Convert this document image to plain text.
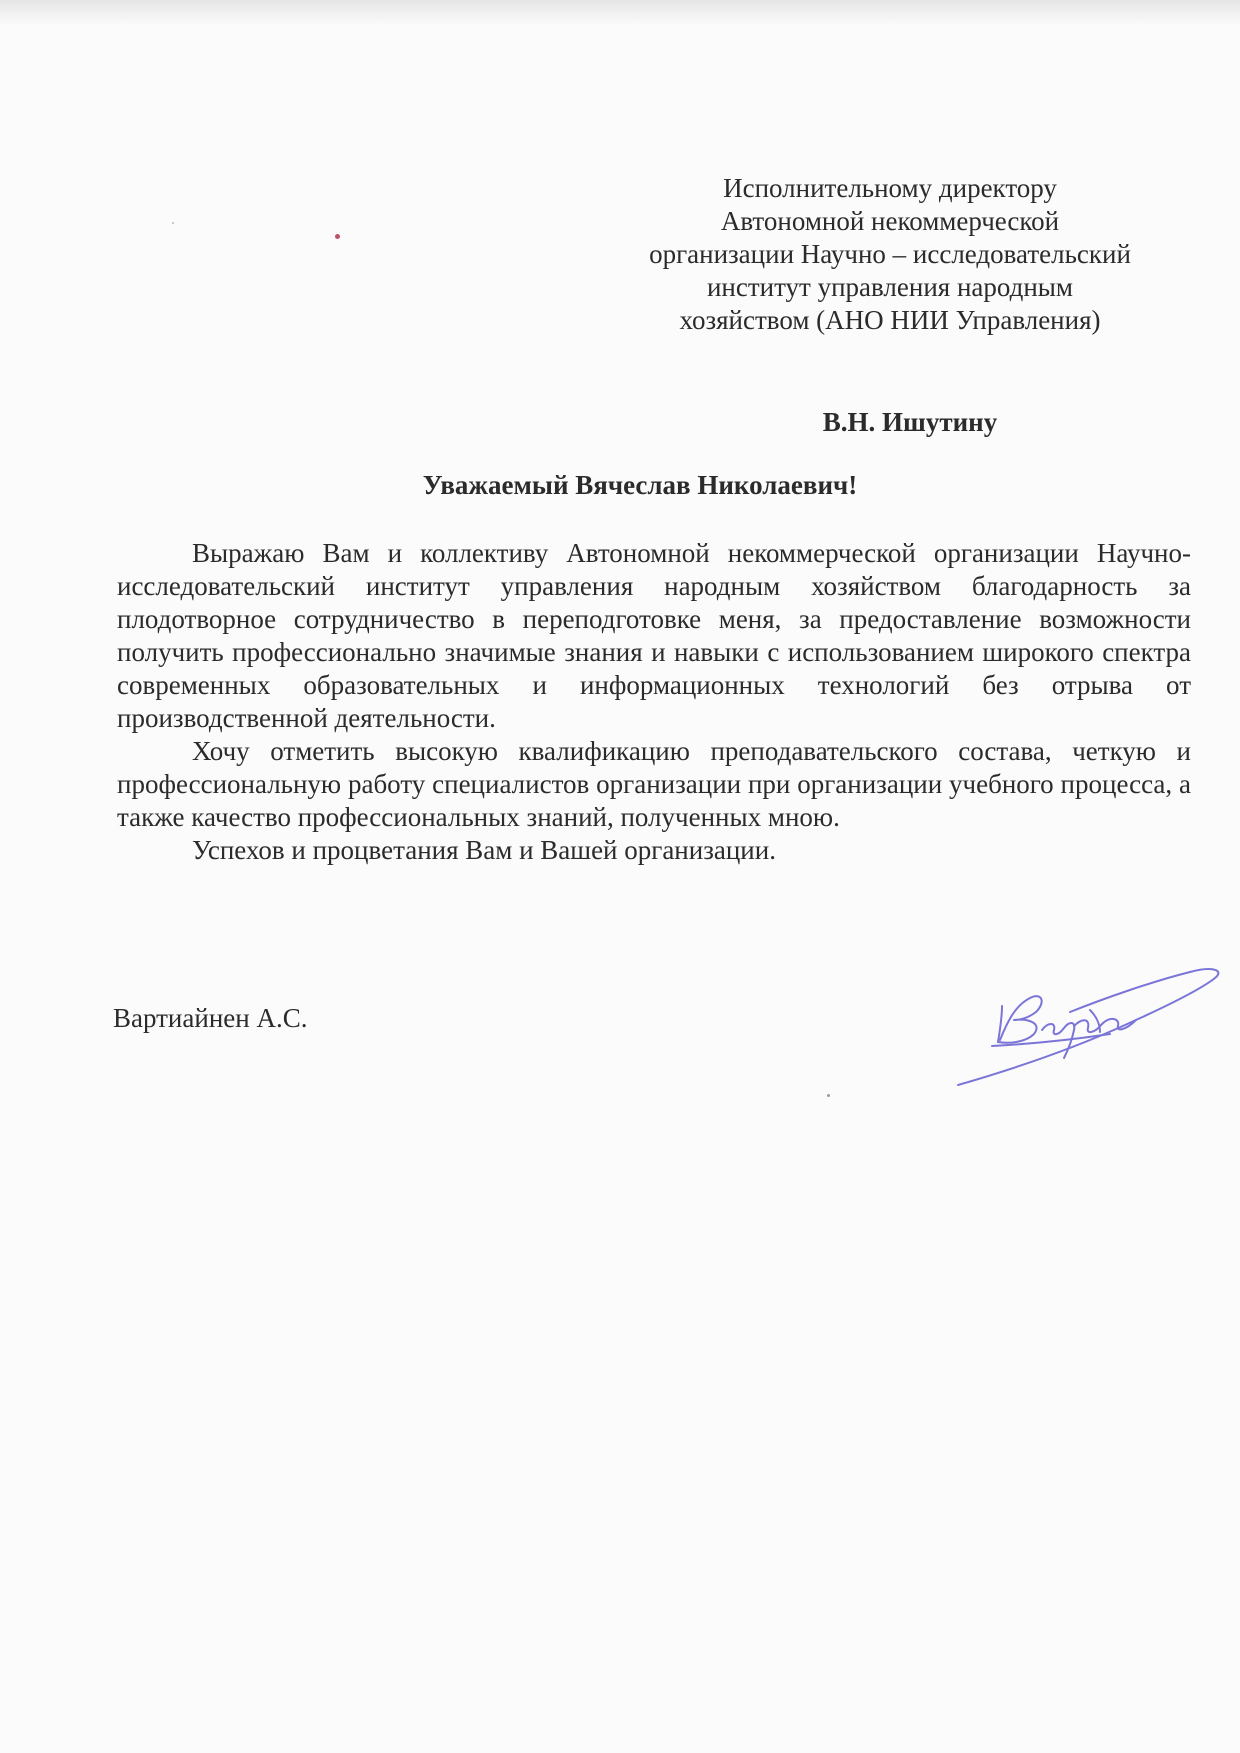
Исполнительному директору
Автономной некоммерческой
организации Научно – исследовательский
институт управления народным
хозяйством (АНО НИИ Управления)
В.Н. Ишутину
Уважаемый Вячеслав Николаевич!

Выражаю Вам и коллективу Автономной некоммерческой организации Научно-исследовательский институт управления народным хозяйством благодарность за плодотворное сотрудничество в переподготовке меня, за предоставление возможности получить профессионально значимые знания и навыки с использованием широкого спектра современных образовательных и информационных технологий без отрыва от производственной деятельности.

Хочу отметить высокую квалификацию преподавательского состава, четкую и профессиональную работу специалистов организации при организации учебного процесса, а также качество профессиональных знаний, полученных мною.

Успехов и процветания Вам и Вашей организации.

Вартиайнен А.С.
